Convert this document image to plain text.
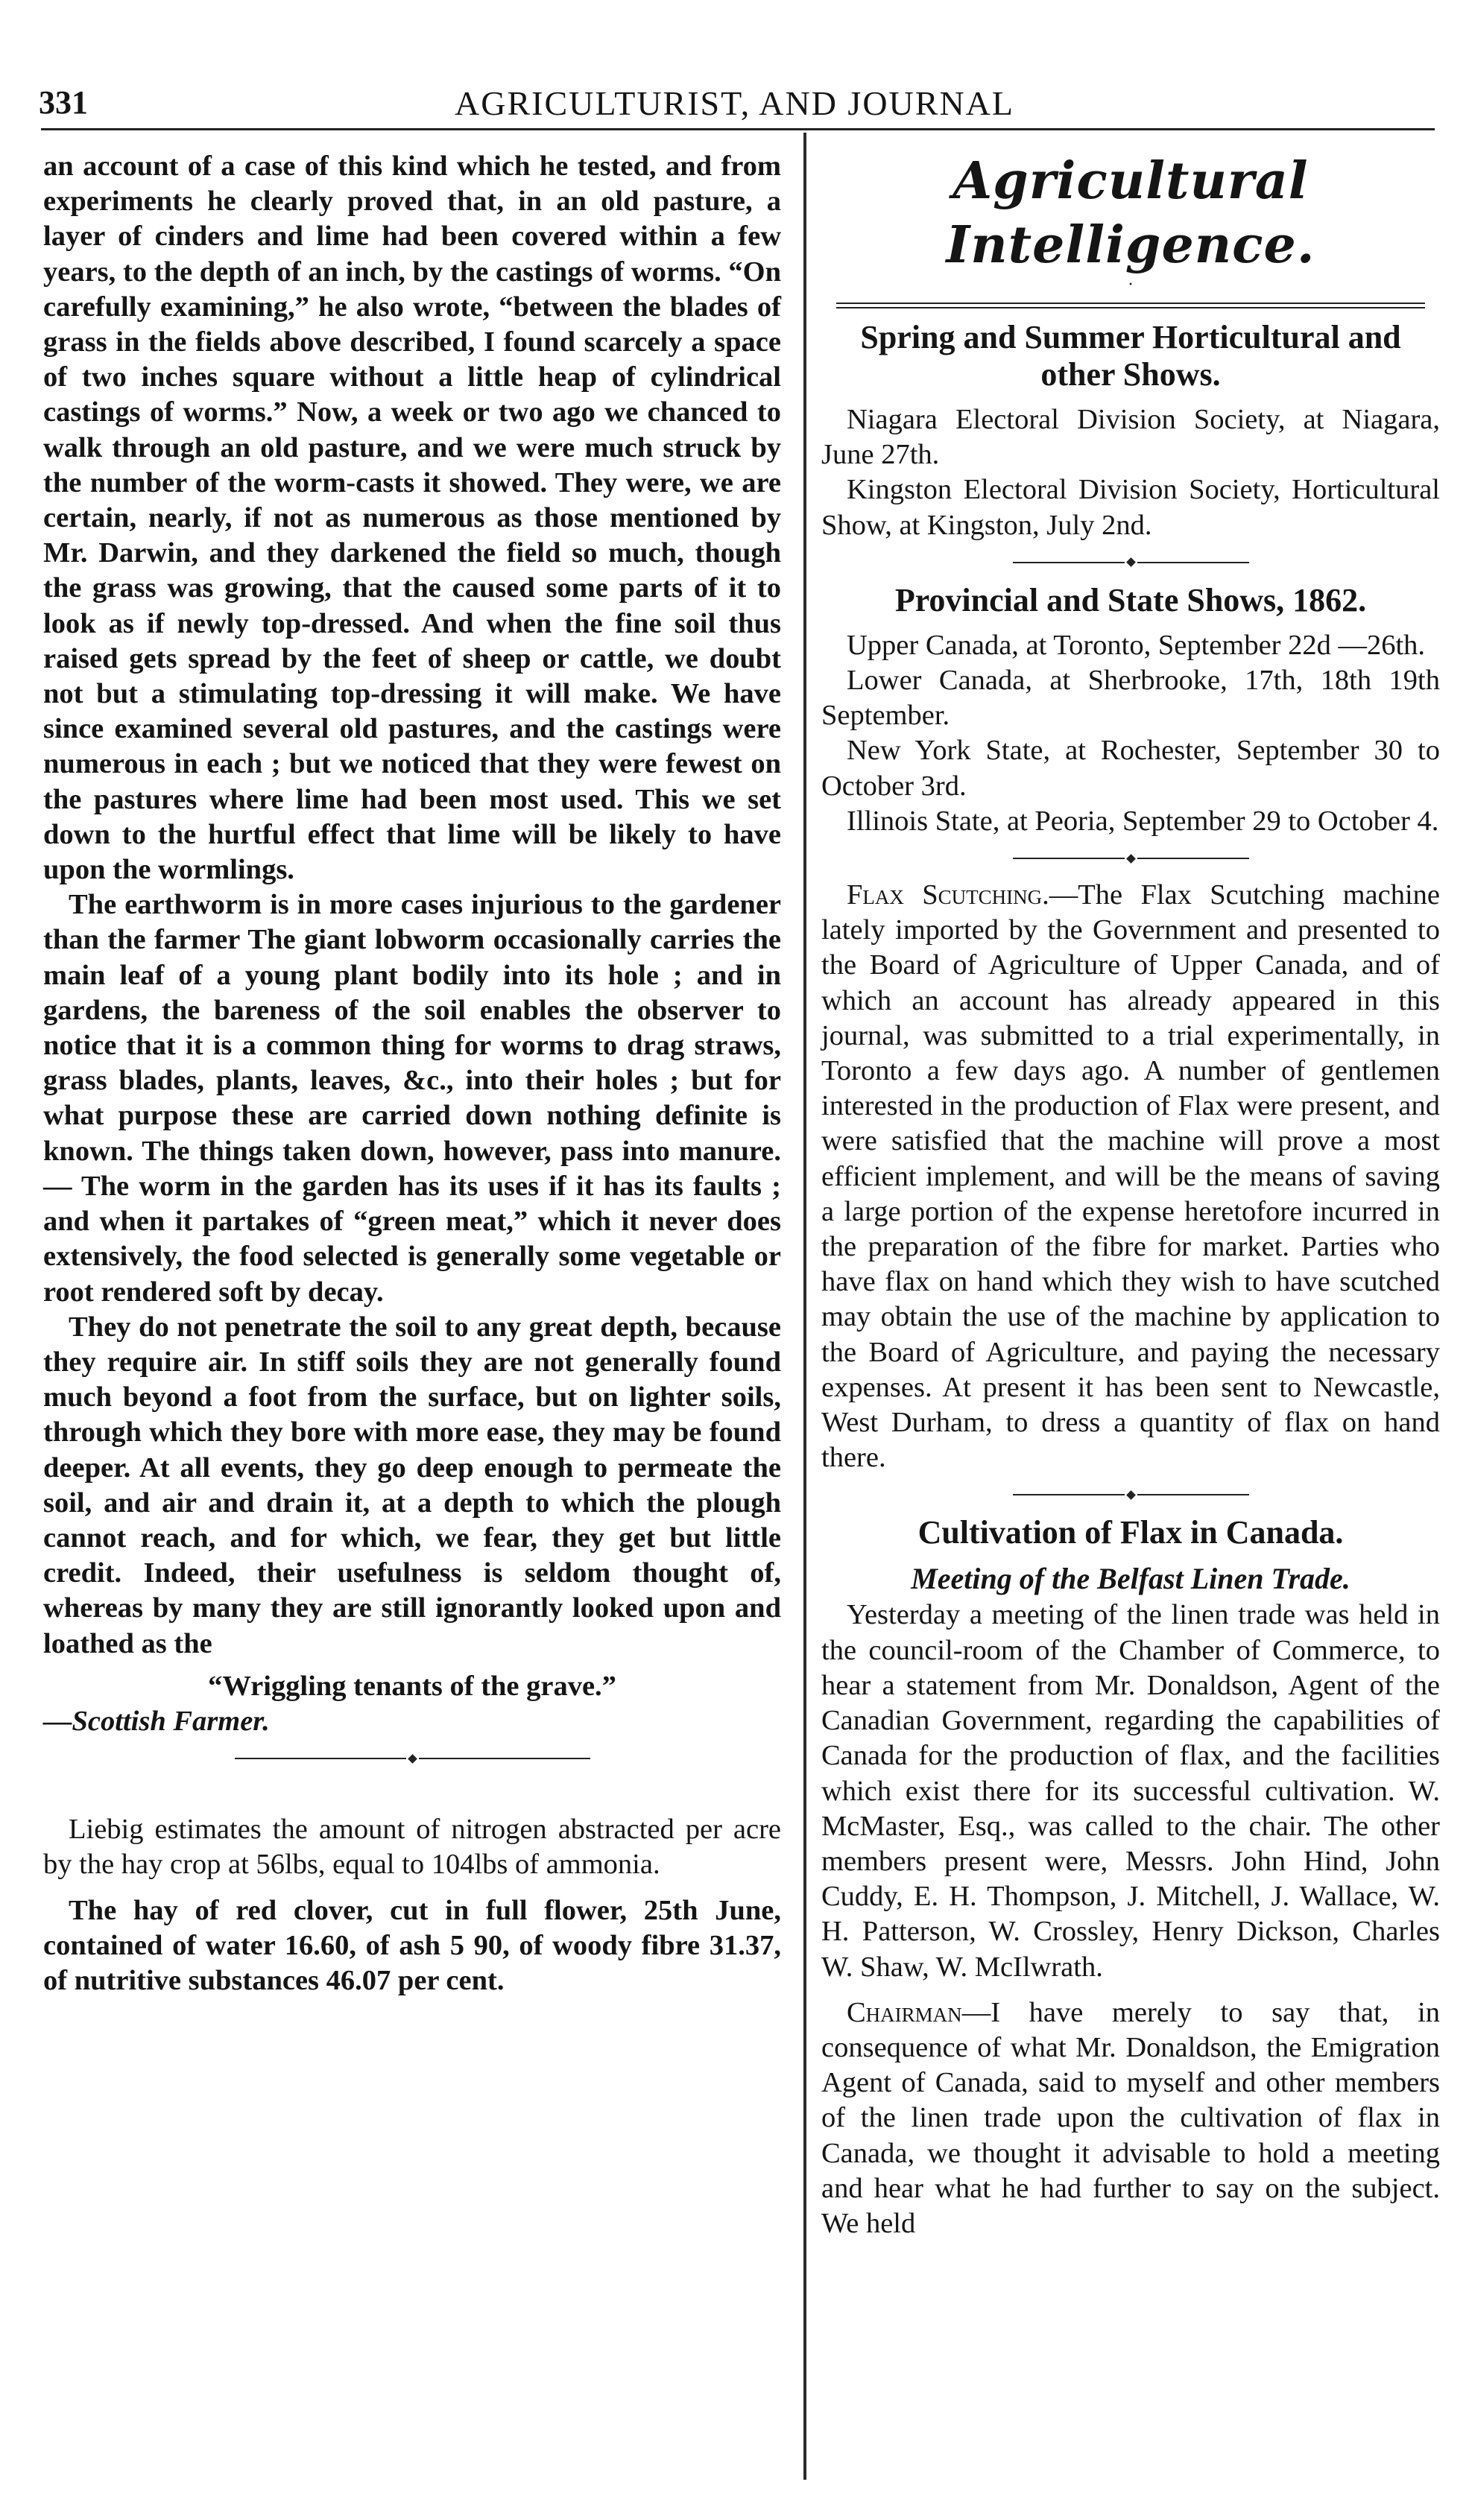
331	AGRICULTURIST, AND JOURNAL

an account of a case of this kind which he tested, and from experiments he clearly proved that, in an old pasture, a layer of cinders and lime had been covered within a few years, to the depth of an inch, by the castings of worms. “On carefully examining,” he also wrote, “between the blades of grass in the fields above described, I found scarcely a space of two inches square without a little heap of cylindrical castings of worms.” Now, a week or two ago we chanced to walk through an old pasture, and we were much struck by the number of the worm-casts it showed. They were, we are certain, nearly, if not as numerous as those mentioned by Mr. Darwin, and they darkened the field so much, though the grass was growing, that the caused some parts of it to look as if newly top-dressed. And when the fine soil thus raised gets spread by the feet of sheep or cattle, we doubt not but a stimulating top-dressing it will make. We have since examined several old pastures, and the castings were numerous in each ; but we noticed that they were fewest on the pastures where lime had been most used. This we set down to the hurtful effect that lime will be likely to have upon the wormlings.

The earthworm is in more cases injurious to the gardener than the farmer The giant lobworm occasionally carries the main leaf of a young plant bodily into its hole ; and in gardens, the bareness of the soil enables the observer to notice that it is a common thing for worms to drag straws, grass blades, plants, leaves, &c., into their holes ; but for what purpose these are carried down nothing definite is known. The things taken down, however, pass into manure.— The worm in the garden has its uses if it has its faults ; and when it partakes of “green meat,” which it never does extensively, the food selected is generally some vegetable or root rendered soft by decay.

They do not penetrate the soil to any great depth, because they require air. In stiff soils they are not generally found much beyond a foot from the surface, but on lighter soils, through which they bore with more ease, they may be found deeper. At all events, they go deep enough to permeate the soil, and air and drain it, at a depth to which the plough cannot reach, and for which, we fear, they get but little credit. Indeed, their usefulness is seldom thought of, whereas by many they are still ignorantly looked upon and loathed as the

“Wriggling tenants of the grave.”

—Scottish Farmer.

Liebig estimates the amount of nitrogen abstracted per acre by the hay crop at 56lbs, equal to 104lbs of ammonia.

The hay of red clover, cut in full flower, 25th June, contained of water 16.60, of ash 5 90, of woody fibre 31.37, of nutritive substances 46.07 per cent.

Agricultural Intelligence.
·
Spring and Summer Horticultural and other Shows.

Niagara Electoral Division Society, at Niagara, June 27th.

Kingston Electoral Division Society, Horticultural Show, at Kingston, July 2nd.

Provincial and State Shows, 1862.

Upper Canada, at Toronto, September 22d —26th.

Lower Canada, at Sherbrooke, 17th, 18th 19th September.

New York State, at Rochester, September 30 to October 3rd.

Illinois State, at Peoria, September 29 to October 4.

Flax Scutching.—The Flax Scutching machine lately imported by the Government and presented to the Board of Agriculture of Upper Canada, and of which an account has already appeared in this journal, was submitted to a trial experimentally, in Toronto a few days ago. A number of gentlemen interested in the production of Flax were present, and were satisfied that the machine will prove a most efficient implement, and will be the means of saving a large portion of the expense heretofore incurred in the preparation of the fibre for market. Parties who have flax on hand which they wish to have scutched may obtain the use of the machine by application to the Board of Agriculture, and paying the necessary expenses. At present it has been sent to Newcastle, West Durham, to dress a quantity of flax on hand there.

Cultivation of Flax in Canada.
Meeting of the Belfast Linen Trade.

Yesterday a meeting of the linen trade was held in the council-room of the Chamber of Commerce, to hear a statement from Mr. Donaldson, Agent of the Canadian Government, regarding the capabilities of Canada for the production of flax, and the facilities which exist there for its successful cultivation. W. McMaster, Esq., was called to the chair. The other members present were, Messrs. John Hind, John Cuddy, E. H. Thompson, J. Mitchell, J. Wallace, W. H. Patterson, W. Crossley, Henry Dickson, Charles W. Shaw, W. McIlwrath.

Chairman—I have merely to say that, in consequence of what Mr. Donaldson, the Emigration Agent of Canada, said to myself and other members of the linen trade upon the cultivation of flax in Canada, we thought it advisable to hold a meeting and hear what he had further to say on the subject. We held
